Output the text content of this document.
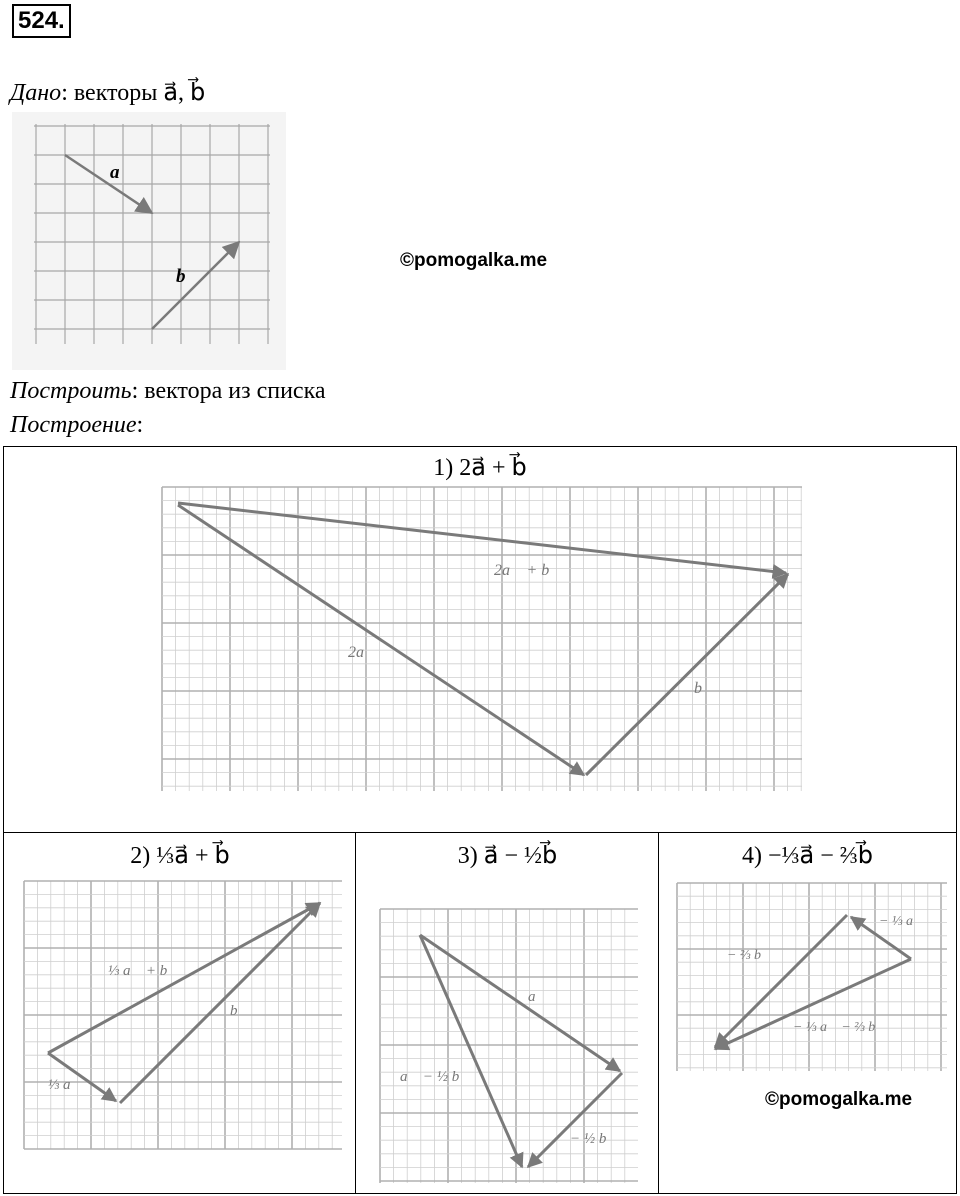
524.
Дано: векторы a⃗, b⃗
a⃗
b⃗
©pomogalka.me
Построить: вектора из списка
Построение:
1) 2a⃗ + b⃗
2a⃗ + b⃗
2a⃗
b⃗
2) ⅓a⃗ + b⃗
⅓ a⃗ + b⃗
b⃗
⅓ a⃗
3) a⃗ − ½b⃗
a⃗
a⃗ − ½ b⃗
− ½ b⃗
4) −⅓a⃗ − ⅔b⃗
− ⅓ a⃗
− ⅔ b⃗
− ⅓ a⃗ − ⅔ b⃗
©pomogalka.me
